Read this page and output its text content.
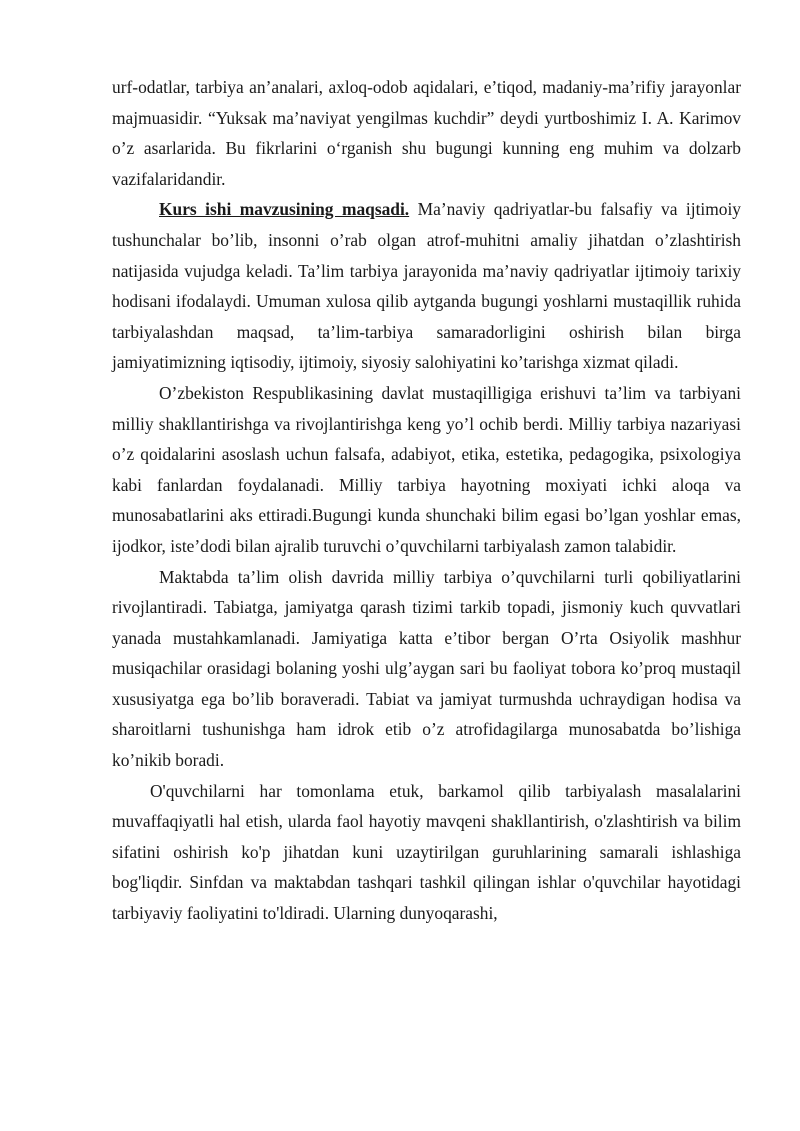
urf-odatlar, tarbiya an’analari, axloq-odob aqidalari, e’tiqod, madaniy-ma’rifiy jarayonlar majmuasidir. “Yuksak ma’naviyat yengilmas kuchdir” deydi yurtboshimiz I. A. Karimov o’z asarlarida. Bu fikrlarini o‘rganish shu bugungi kunning eng muhim va dolzarb vazifalaridandir.

Kurs ishi mavzusining maqsadi. Ma’naviy qadriyatlar-bu falsafiy va ijtimoiy tushunchalar bo’lib, insonni o’rab olgan atrof-muhitni amaliy jihatdan o’zlashtirish natijasida vujudga keladi. Ta’lim tarbiya jarayonida ma’naviy qadriyatlar ijtimoiy tarixiy hodisani ifodalaydi. Umuman xulosa qilib aytganda bugungi yoshlarni mustaqillik ruhida tarbiyalashdan maqsad, ta’lim-tarbiya samaradorligini oshirish bilan birga jamiyatimizning iqtisodiy, ijtimoiy, siyosiy salohiyatini ko’tarishga xizmat qiladi.

O’zbekiston Respublikasining davlat mustaqilligiga erishuvi ta’lim va tarbiyani milliy shakllantirishga va rivojlantirishga keng yo’l ochib berdi. Milliy tarbiya nazariyasi o’z qoidalarini asoslash uchun falsafa, adabiyot, etika, estetika, pedagogika, psixologiya kabi fanlardan foydalanadi. Milliy tarbiya hayotning moxiyati ichki aloqa va munosabatlarini aks ettiradi.Bugungi kunda shunchaki bilim egasi bo’lgan yoshlar emas, ijodkor, iste’dodi bilan ajralib turuvchi o’quvchilarni tarbiyalash zamon talabidir.

Maktabda ta’lim olish davrida milliy tarbiya o’quvchilarni turli qobiliyatlarini rivojlantiradi. Tabiatga, jamiyatga qarash tizimi tarkib topadi, jismoniy kuch quvvatlari yanada mustahkamlanadi. Jamiyatiga katta e’tibor bergan O’rta Osiyolik mashhur musiqachilar orasidagi bolaning yoshi ulg’aygan sari bu faoliyat tobora ko’proq mustaqil xususiyatga ega bo’lib boraveradi. Tabiat va jamiyat turmushda uchraydigan hodisa va sharoitlarni tushunishga ham idrok etib o’z atrofidagilarga munosabatda bo’lishiga ko’nikib boradi.

O'quvchilarni har tomonlama etuk, barkamol qilib tarbiyalash masalalarini muvaffaqiyatli hal etish, ularda faol hayotiy mavqeni shakllantirish, o'zlashtirish va bilim sifatini oshirish ko'p jihatdan kuni uzaytirilgan guruhlarining samarali ishlashiga bog'liqdir. Sinfdan va maktabdan tashqari tashkil qilingan ishlar o'quvchilar hayotidagi tarbiyaviy faoliyatini to'ldiradi. Ularning dunyoqarashi,
